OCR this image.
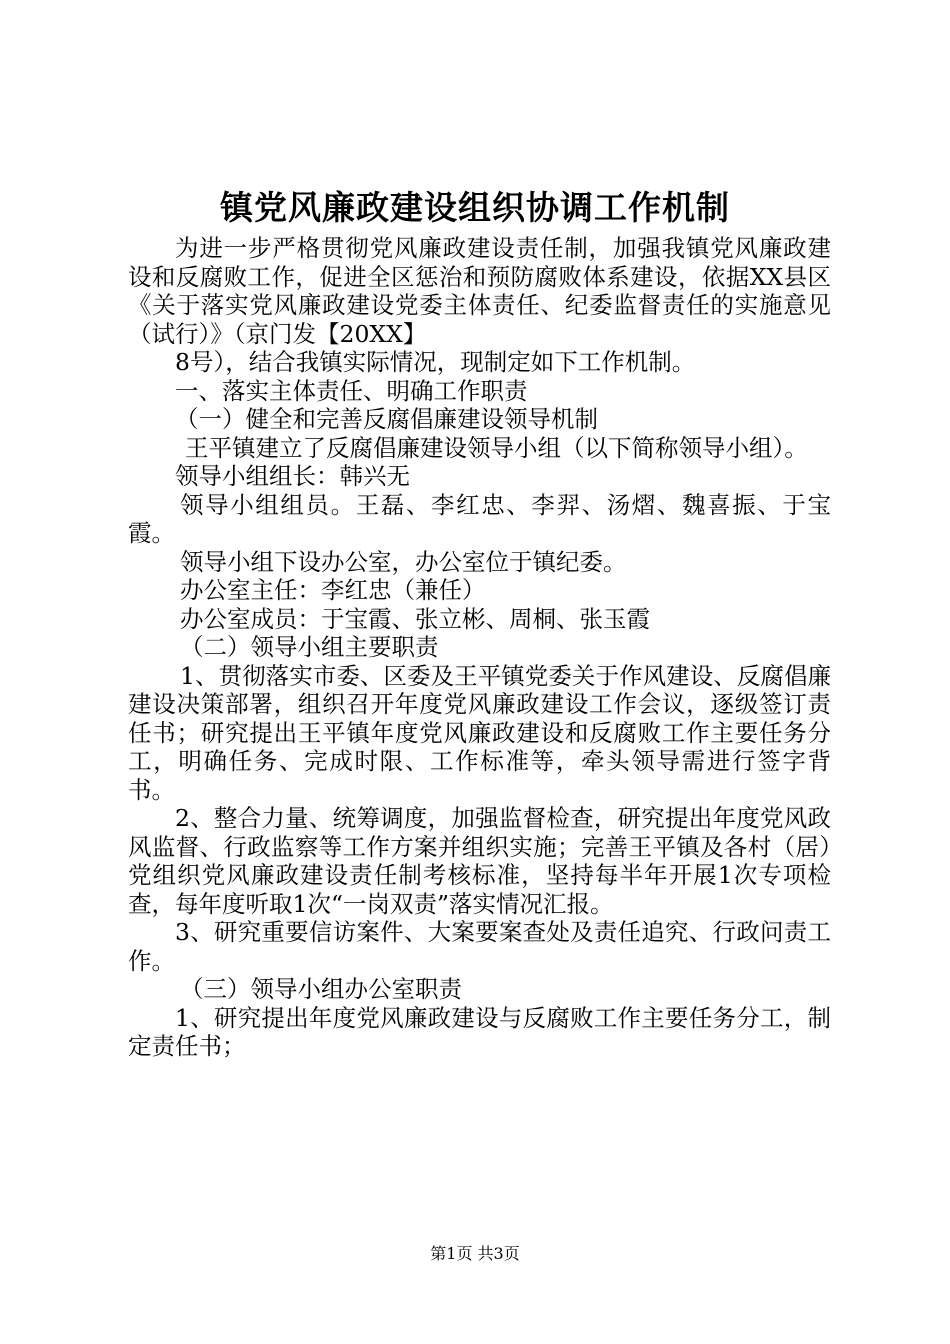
镇党风廉政建设组织协调工作机制

为进一步严格贯彻党风廉政建设责任制，加强我镇党风廉政建设和反腐败工作，促进全区惩治和预防腐败体系建设，依据XX县区《关于落实党风廉政建设党委主体责任、纪委监督责任的实施意见（试行）》（京门发【20XX】

8号），结合我镇实际情况，现制定如下工作机制。

一、落实主体责任、明确工作职责

（一）健全和完善反腐倡廉建设领导机制

王平镇建立了反腐倡廉建设领导小组（以下简称领导小组）。

领导小组组长：韩兴无

领导小组组员。王磊、李红忠、李羿、汤熠、魏喜振、于宝霞。

领导小组下设办公室，办公室位于镇纪委。

办公室主任：李红忠（兼任）

办公室成员：于宝霞、张立彬、周桐、张玉霞

（二）领导小组主要职责

1、贯彻落实市委、区委及王平镇党委关于作风建设、反腐倡廉建设决策部署，组织召开年度党风廉政建设工作会议，逐级签订责任书；研究提出王平镇年度党风廉政建设和反腐败工作主要任务分工，明确任务、完成时限、工作标准等，牵头领导需进行签字背书。

2、整合力量、统筹调度，加强监督检查，研究提出年度党风政风监督、行政监察等工作方案并组织实施；完善王平镇及各村（居）党组织党风廉政建设责任制考核标准，坚持每半年开展1次专项检查，每年度听取1次“一岗双责”落实情况汇报。

3、研究重要信访案件、大案要案查处及责任追究、行政问责工作。

（三）领导小组办公室职责

1、研究提出年度党风廉政建设与反腐败工作主要任务分工，制定责任书；

第1页 共3页
